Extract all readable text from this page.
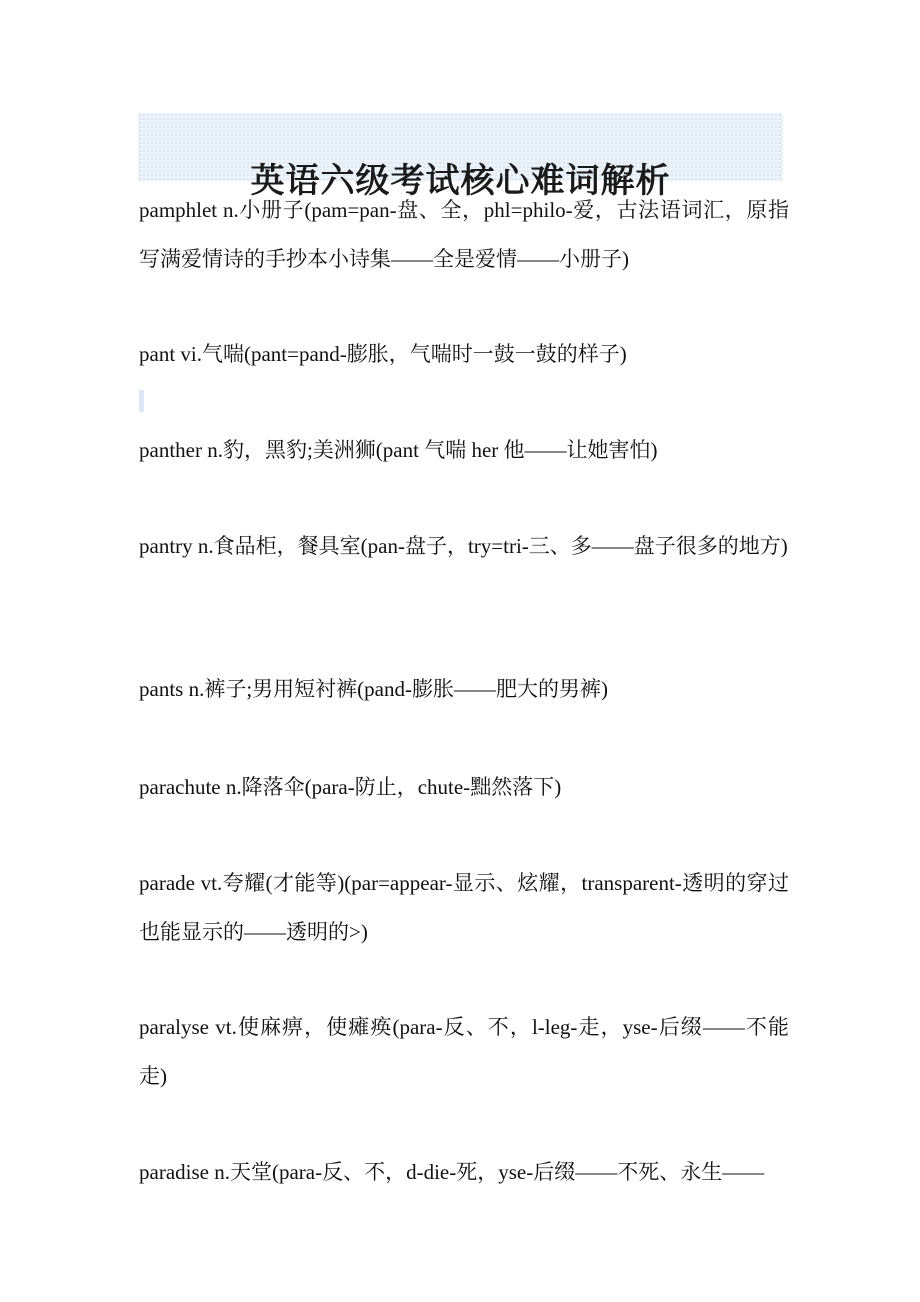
英语六级考试核心难词解析

pamphlet n.小册子(pam=pan-盘、全，phl=philo-爱，古法语词汇，原指写满爱情诗的手抄本小诗集——全是爱情——小册子)

pant vi.气喘(pant=pand-膨胀，气喘时一鼓一鼓的样子)

panther n.豹，黑豹;美洲狮(pant 气喘 her 他——让她害怕)

pantry n.食品柜，餐具室(pan-盘子，try=tri-三、多——盘子很多的地方)

pants n.裤子;男用短衬裤(pand-膨胀——肥大的男裤)

parachute n.降落伞(para-防止，chute-黜然落下)

parade vt.夸耀(才能等)(par=appear-显示、炫耀，transparent-透明的穿过也能显示的——透明的>)

paralyse vt.使麻痹，使瘫痪(para-反、不，l-leg-走，yse-后缀——不能走)

paradise n.天堂(para-反、不，d-die-死，yse-后缀——不死、永生——
